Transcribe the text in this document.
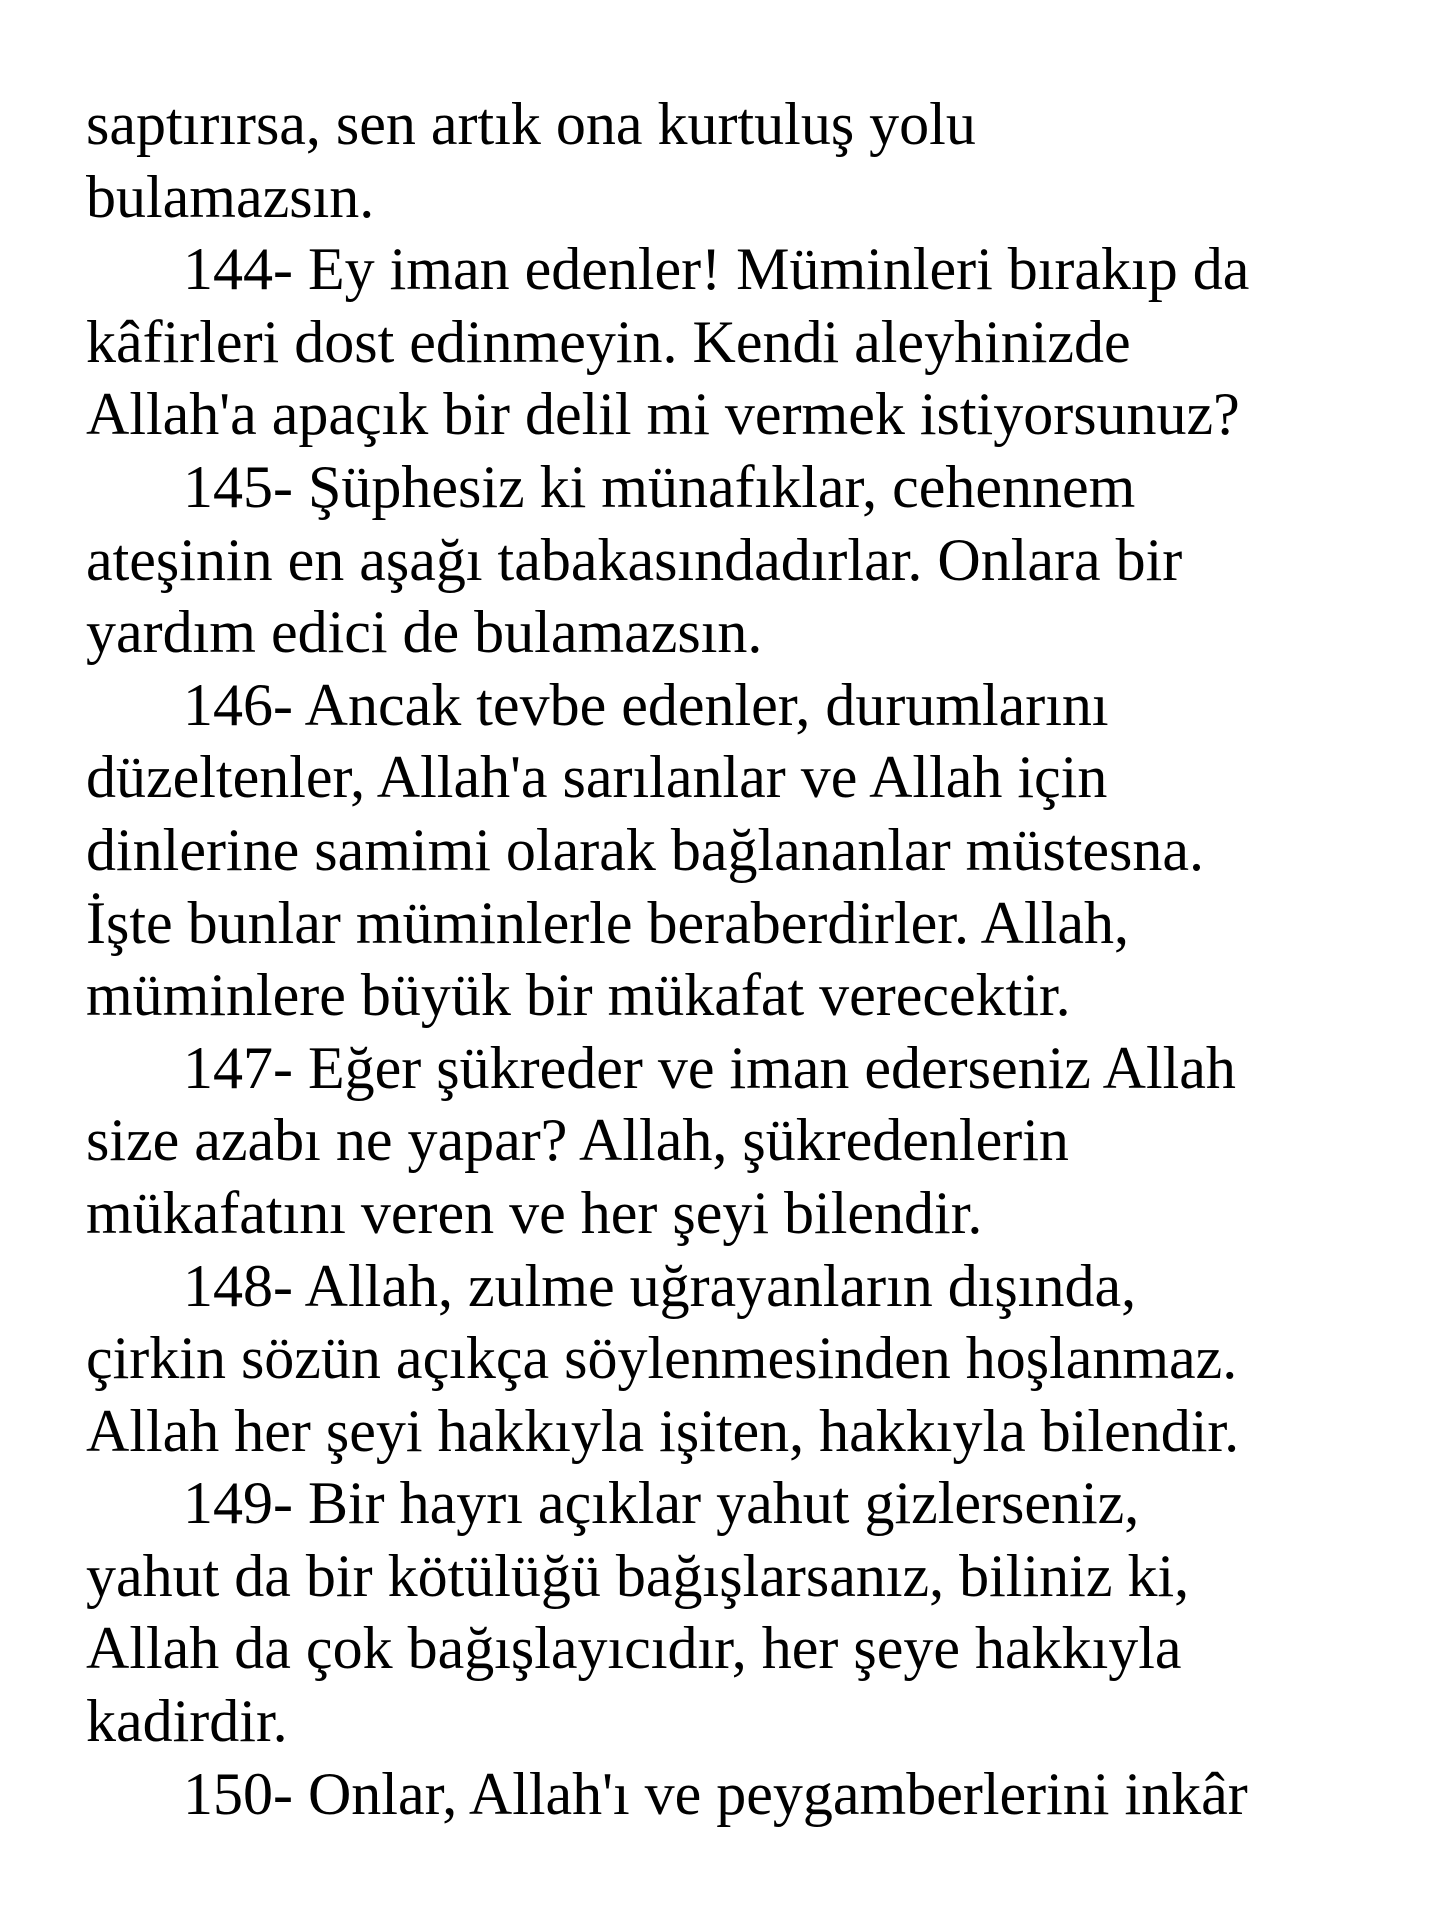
saptırırsa, sen artık ona kurtuluş yolu
bulamazsın.
144- Ey iman edenler! Müminleri bırakıp da
kâfirleri dost edinmeyin. Kendi aleyhinizde
Allah'a apaçık bir delil mi vermek istiyorsunuz?
145- Şüphesiz ki münafıklar, cehennem
ateşinin en aşağı tabakasındadırlar. Onlara bir
yardım edici de bulamazsın.
146- Ancak tevbe edenler, durumlarını
düzeltenler, Allah'a sarılanlar ve Allah için
dinlerine samimi olarak bağlananlar müstesna.
İşte bunlar müminlerle beraberdirler. Allah,
müminlere büyük bir mükafat verecektir.
147- Eğer şükreder ve iman ederseniz Allah
size azabı ne yapar? Allah, şükredenlerin
mükafatını veren ve her şeyi bilendir.
148- Allah, zulme uğrayanların dışında,
çirkin sözün açıkça söylenmesinden hoşlanmaz.
Allah her şeyi hakkıyla işiten, hakkıyla bilendir.
149- Bir hayrı açıklar yahut gizlerseniz,
yahut da bir kötülüğü bağışlarsanız, biliniz ki,
Allah da çok bağışlayıcıdır, her şeye hakkıyla
kadirdir.
150- Onlar, Allah'ı ve peygamberlerini inkâr
